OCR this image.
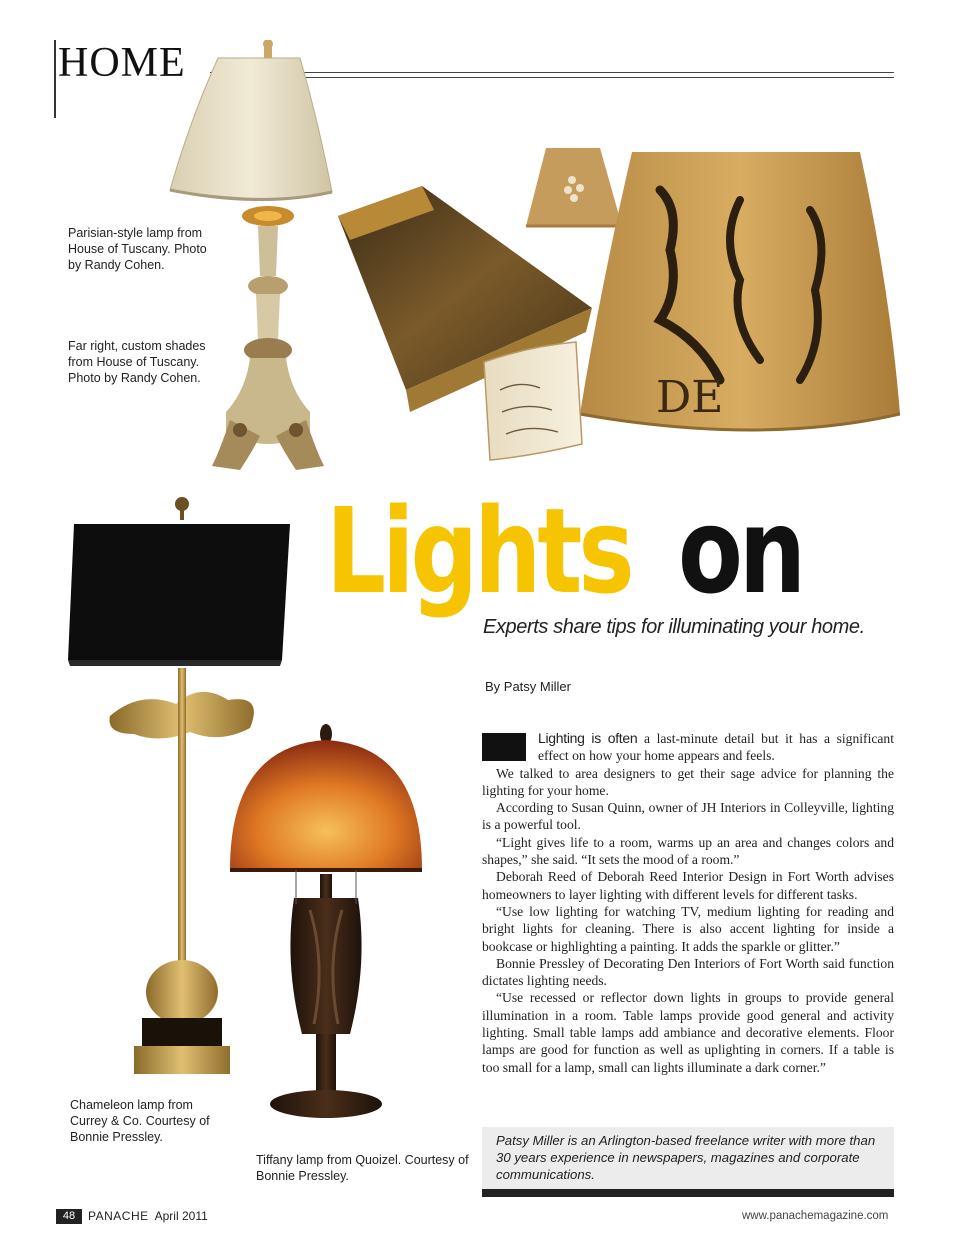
HOME
DE
Parisian-style lamp from House of Tuscany. Photo by Randy Cohen.
Far right, custom shades from House of Tuscany. Photo by Randy Cohen.
Chameleon lamp from Currey & Co. Courtesy of Bonnie Pressley.
Tiffany lamp from Quoizel. Courtesy of Bonnie Pressley.
Lights on
Experts share tips for illuminating your home.
By Patsy Miller

Lighting is often a last-minute detail but it has a significant effect on how your home appears and feels.

We talked to area designers to get their sage advice for planning the lighting for your home.

According to Susan Quinn, owner of JH Interiors in Colleyville, lighting is a powerful tool.

“Light gives life to a room, warms up an area and changes colors and shapes,” she said. “It sets the mood of a room.”

Deborah Reed of Deborah Reed Interior Design in Fort Worth advises homeowners to layer lighting with different levels for different tasks.

“Use low lighting for watching TV, medium lighting for reading and bright lights for cleaning. There is also accent lighting for inside a bookcase or highlighting a painting. It adds the sparkle or glitter.”

Bonnie Pressley of Decorating Den Interiors of Fort Worth said function dictates lighting needs.

“Use recessed or reflector down lights in groups to provide general illumination in a room. Table lamps provide good general and activity lighting. Small table lamps add ambiance and decorative elements. Floor lamps are good for function as well as uplighting in corners. If a table is too small for a lamp, small can lights illuminate a dark corner.”

Patsy Miller is an Arlington-based freelance writer with more than 30 years experience in newspapers, magazines and corporate communications.
48	PANACHE April 2011	www.panachemagazine.com
